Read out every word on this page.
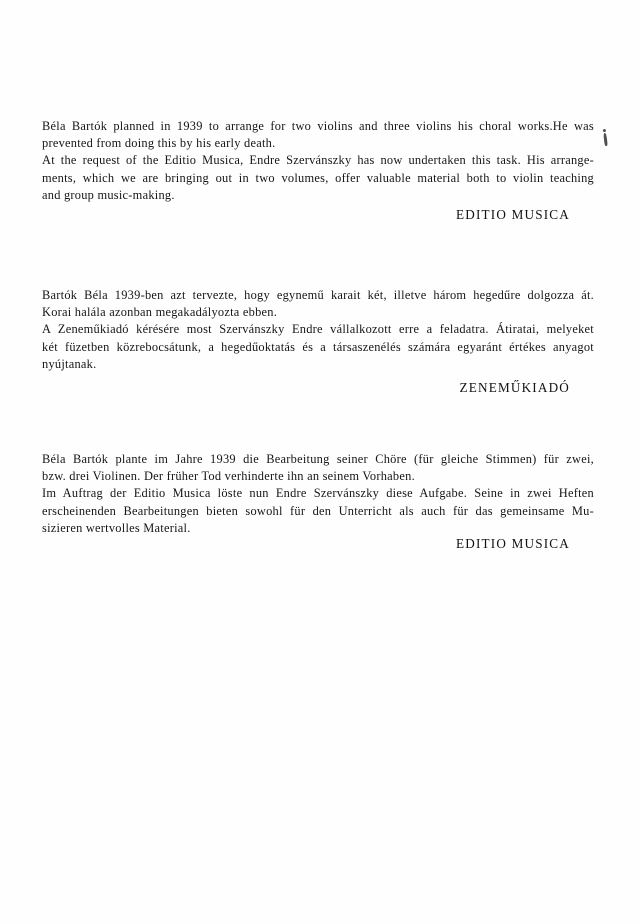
Béla Bartók planned in 1939 to arrange for two violins and three violins his choral works.He was
prevented from doing this by his early death.
At the request of the Editio Musica, Endre Szervánszky has now undertaken this task. His arrange-
ments, which we are bringing out in two volumes, offer valuable material both to violin teaching
and group music-making.

EDITIO MUSICA

Bartók Béla 1939-ben azt tervezte, hogy egynemű karait két, illetve három hegedűre dolgozza át.
Korai halála azonban megakadályozta ebben.
A Zeneműkiadó kérésére most Szervánszky Endre vállalkozott erre a feladatra. Átiratai, melyeket
két füzetben közrebocsátunk, a hegedűoktatás és a társaszenélés számára egyaránt értékes anyagot
nyújtanak.

ZENEMŰKIADÓ

Béla Bartók plante im Jahre 1939 die Bearbeitung seiner Chöre (für gleiche Stimmen) für zwei,
bzw. drei Violinen. Der früher Tod verhinderte ihn an seinem Vorhaben.
Im Auftrag der Editio Musica löste nun Endre Szervánszky diese Aufgabe. Seine in zwei Heften
erscheinenden Bearbeitungen bieten sowohl für den Unterricht als auch für das gemeinsame Mu-
sizieren wertvolles Material.

EDITIO MUSICA
